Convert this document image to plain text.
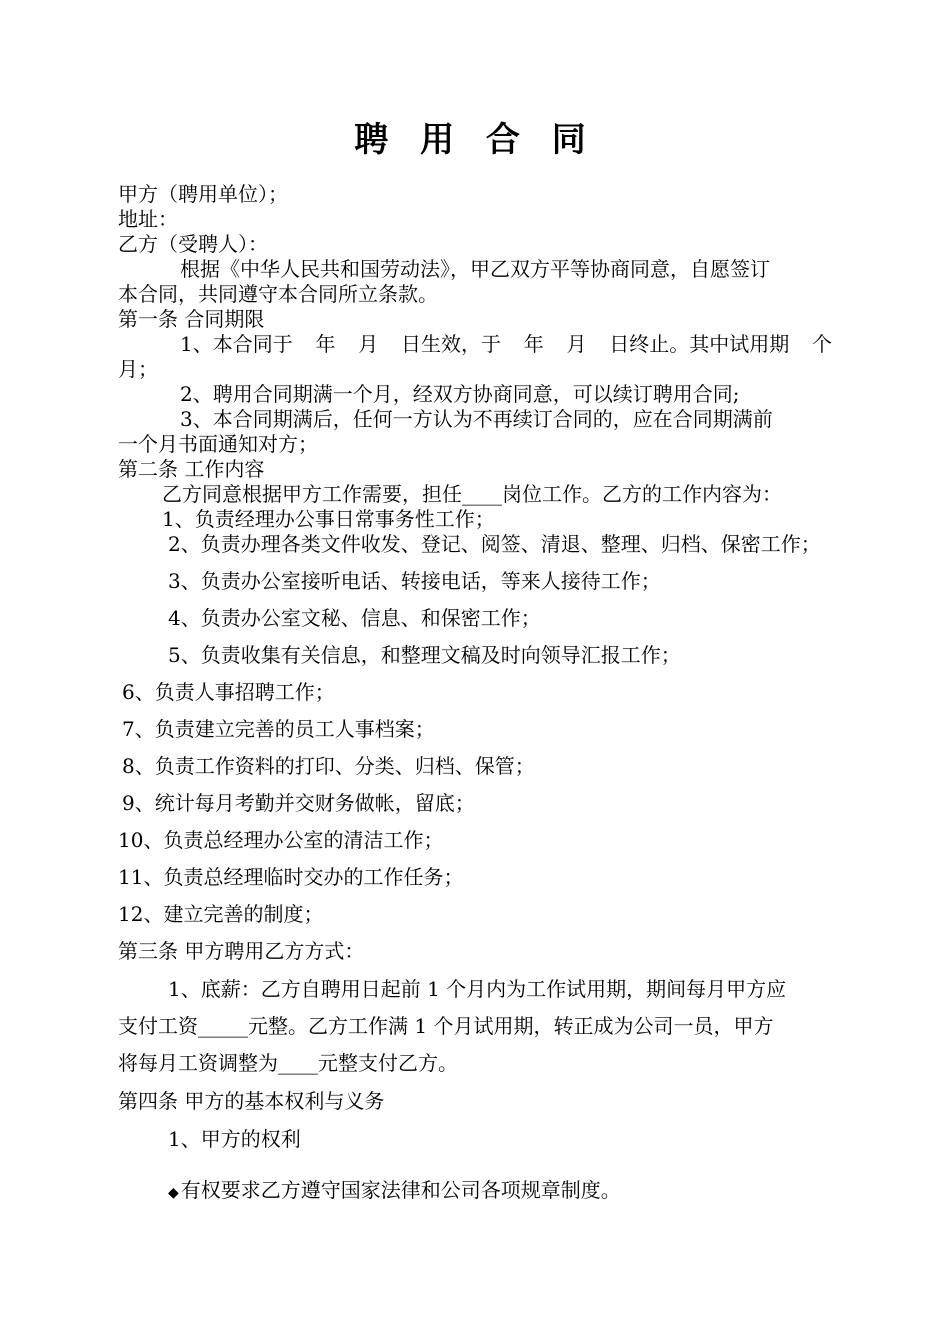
聘 用 合 同
甲方（聘用单位）；
地址：
乙方（受聘人）：
根据《中华人民共和国劳动法》，甲乙双方平等协商同意，自愿签订
本合同，共同遵守本合同所立条款。
第一条 合同期限
1、本合同于 年 月 日生效，于 年 月 日终止。其中试用期 个
月；
2、聘用合同期满一个月，经双方协商同意，可以续订聘用合同;
3、本合同期满后，任何一方认为不再续订合同的，应在合同期满前
一个月书面通知对方；
第二条 工作内容
乙方同意根据甲方工作需要，担任____岗位工作。乙方的工作内容为：
1、负责经理办公事日常事务性工作；
2、负责办理各类文件收发、登记、阅签、清退、整理、归档、保密工作；
3、负责办公室接听电话、转接电话，等来人接待工作；
4、负责办公室文秘、信息、和保密工作；
5、负责收集有关信息，和整理文稿及时向领导汇报工作；
6、负责人事招聘工作；
7、负责建立完善的员工人事档案；
8、负责工作资料的打印、分类、归档、保管；
9、统计每月考勤并交财务做帐，留底；
10、负责总经理办公室的清洁工作；
11、负责总经理临时交办的工作任务；
12、建立完善的制度；
第三条 甲方聘用乙方方式：
1、底薪：乙方自聘用日起前 1 个月内为工作试用期，期间每月甲方应
支付工资_____元整。乙方工作满 1 个月试用期，转正成为公司一员，甲方
将每月工资调整为____元整支付乙方。
第四条 甲方的基本权利与义务
1、甲方的权利
◆ 有权要求乙方遵守国家法律和公司各项规章制度。
